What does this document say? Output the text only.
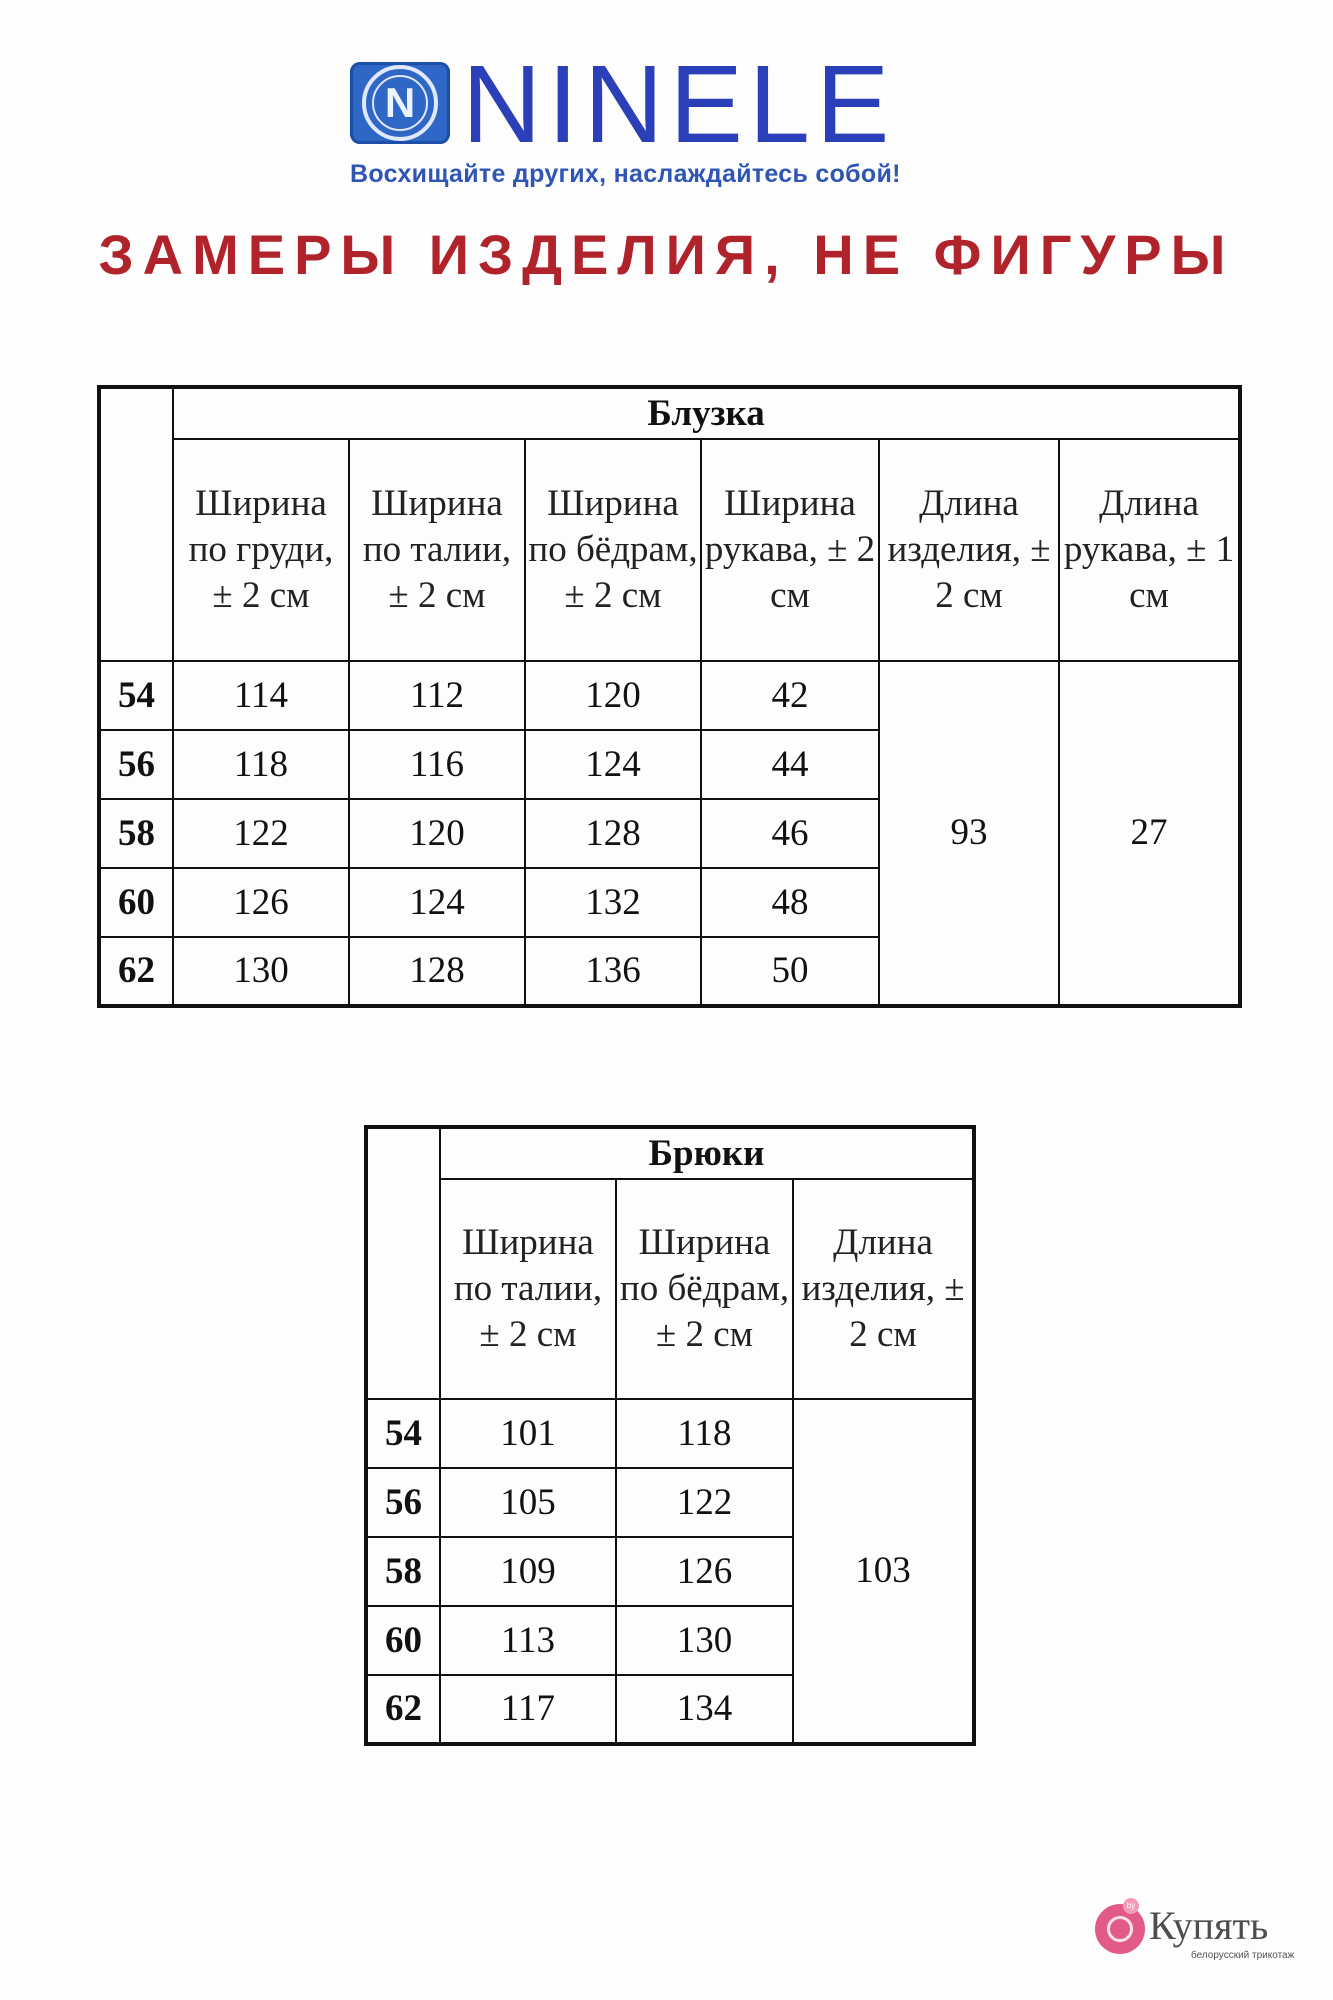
N NINELE
Восхищайте других, наслаждайтесь собой!
ЗАМЕРЫ ИЗДЕЛИЯ, НЕ ФИГУРЫ
	Блузка					
	Ширина по груди, ± 2 см	Ширина по талии, ± 2 см	Ширина по бёдрам, ± 2 см	Ширина рукава, ± 2 см	Длина изделия, ± 2 см	Длина рукава, ± 1 см
54	114	112	120	42	93	27
56	118	116	124	44		
58	122	120	128	46		
60	126	124	132	48		
62	130	128	136	50		
	Брюки		
	Ширина по талии, ± 2 см	Ширина по бёдрам, ± 2 см	Длина изделия, ± 2 см
54	101	118	103
56	105	122	
58	109	126	
60	113	130	
62	117	134	
by Купять
белорусский трикотаж
